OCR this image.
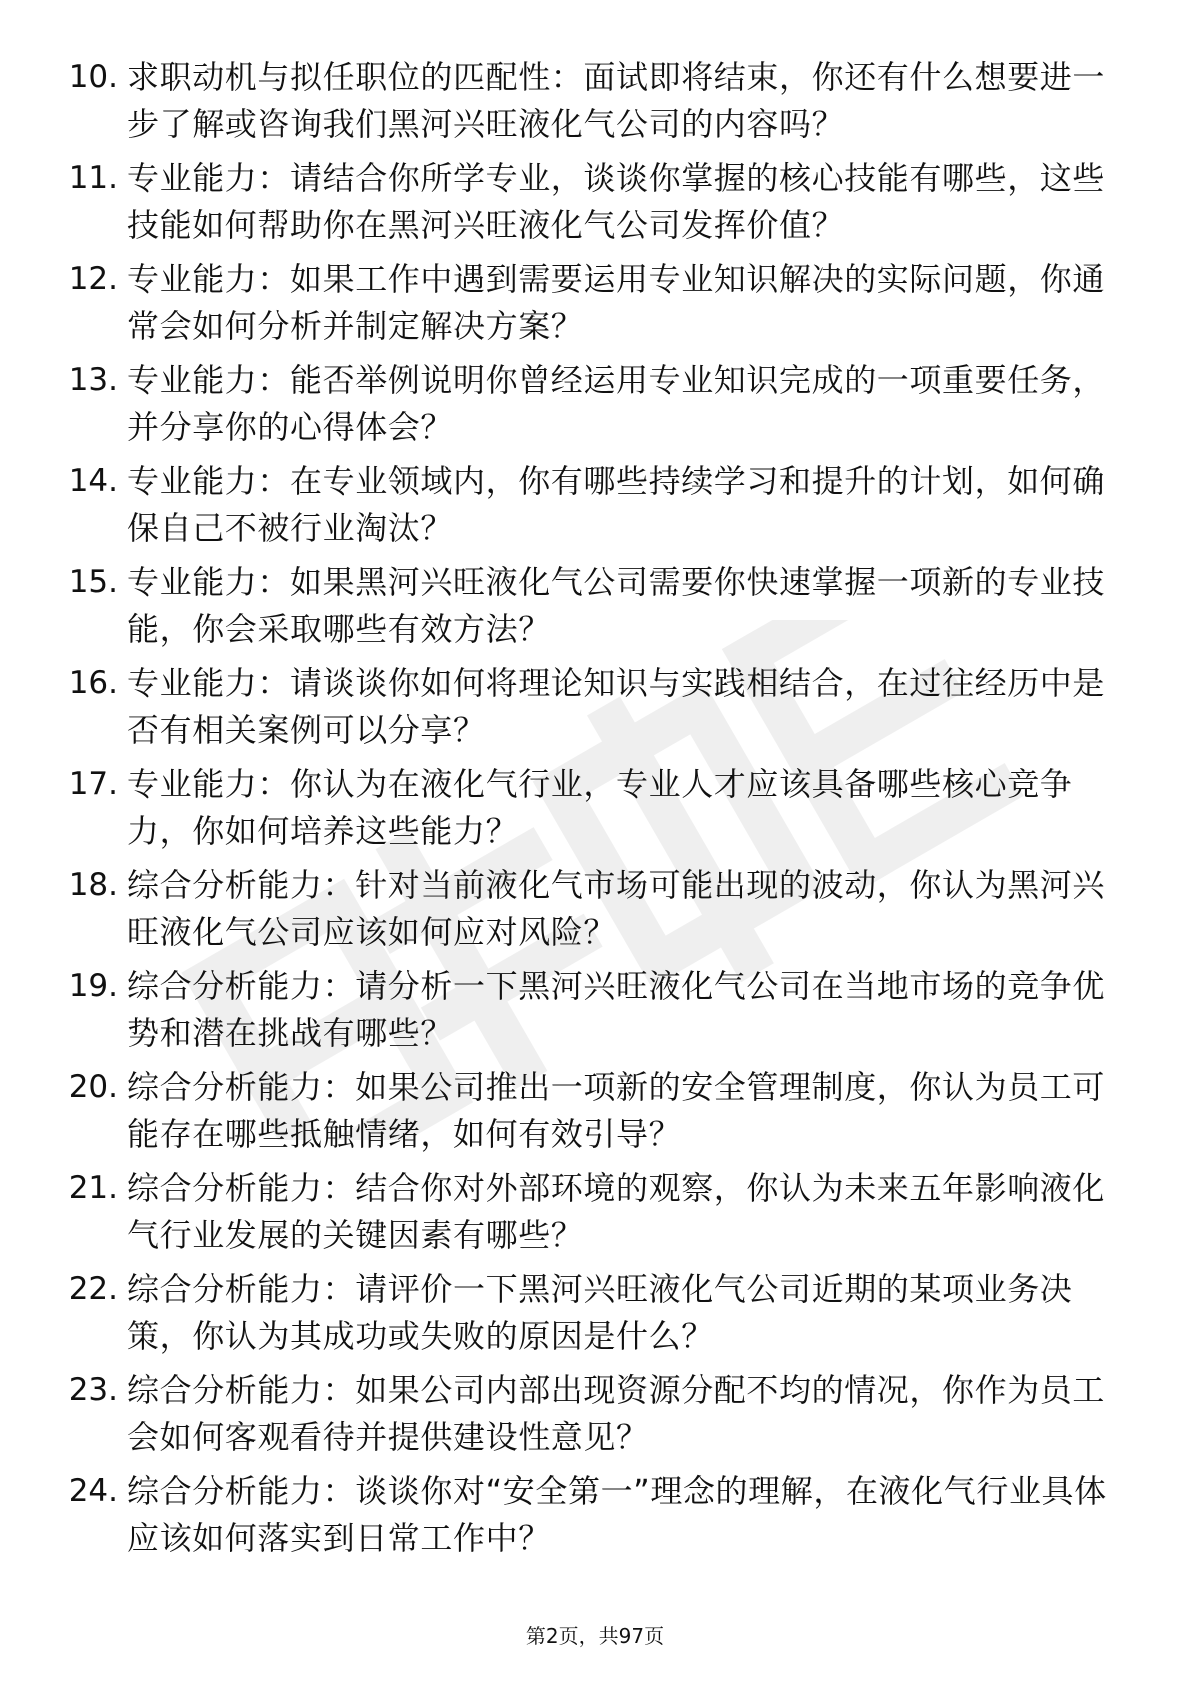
10. 求职动机与拟任职位的匹配性：面试即将结束，你还有什么想要进一步了解或咨询我们黑河兴旺液化气公司的内容吗？
11. 专业能力：请结合你所学专业，谈谈你掌握的核心技能有哪些，这些技能如何帮助你在黑河兴旺液化气公司发挥价值？
12. 专业能力：如果工作中遇到需要运用专业知识解决的实际问题，你通常会如何分析并制定解决方案？
13. 专业能力：能否举例说明你曾经运用专业知识完成的一项重要任务，并分享你的心得体会？
14. 专业能力：在专业领域内，你有哪些持续学习和提升的计划，如何确保自己不被行业淘汰？
15. 专业能力：如果黑河兴旺液化气公司需要你快速掌握一项新的专业技能，你会采取哪些有效方法？
16. 专业能力：请谈谈你如何将理论知识与实践相结合，在过往经历中是否有相关案例可以分享？
17. 专业能力：你认为在液化气行业，专业人才应该具备哪些核心竞争力，你如何培养这些能力？
18. 综合分析能力：针对当前液化气市场可能出现的波动，你认为黑河兴旺液化气公司应该如何应对风险？
19. 综合分析能力：请分析一下黑河兴旺液化气公司在当地市场的竞争优势和潜在挑战有哪些？
20. 综合分析能力：如果公司推出一项新的安全管理制度，你认为员工可能存在哪些抵触情绪，如何有效引导？
21. 综合分析能力：结合你对外部环境的观察，你认为未来五年影响液化气行业发展的关键因素有哪些？
22. 综合分析能力：请评价一下黑河兴旺液化气公司近期的某项业务决策，你认为其成功或失败的原因是什么？
23. 综合分析能力：如果公司内部出现资源分配不均的情况，你作为员工会如何客观看待并提供建设性意见？
24. 综合分析能力：谈谈你对“安全第一”理念的理解，在液化气行业具体应该如何落实到日常工作中？
第2页，共97页
